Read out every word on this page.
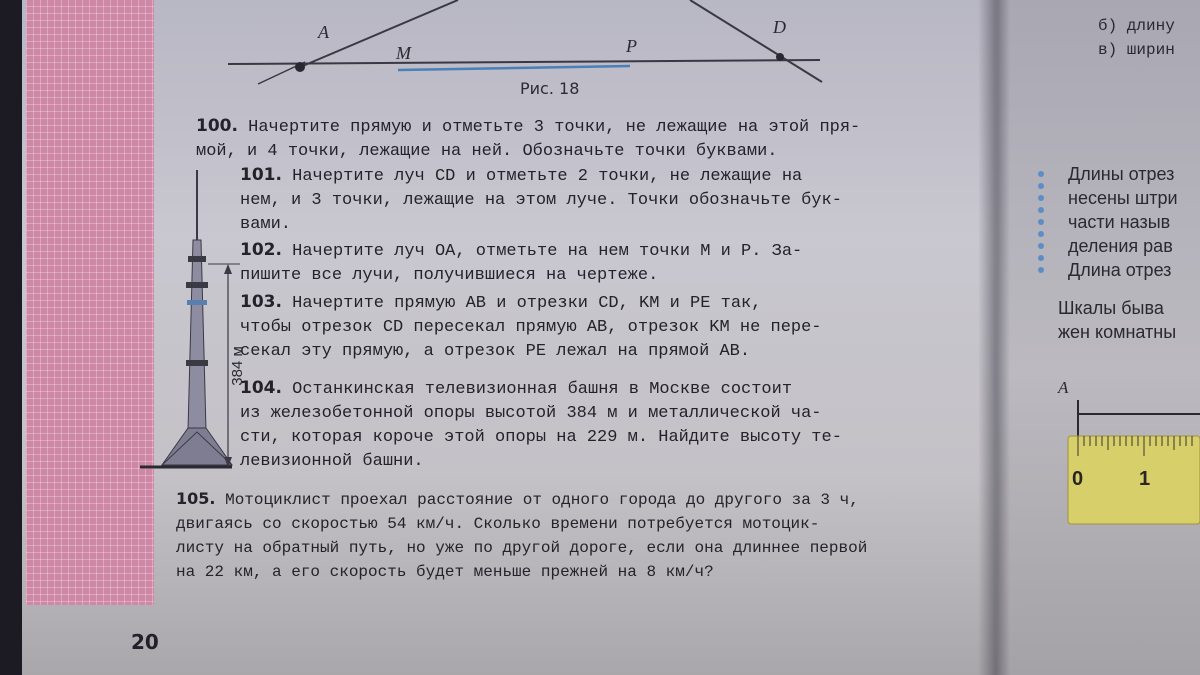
A
M	P
D
Рис. 18

100. Начертите прямую и отметьте 3 точки, не лежащие на этой пря-
мой, и 4 точки, лежащие на ней. Обозначьте точки буквами.

101. Начертите луч CD и отметьте 2 точки, не лежащие на
нем, и 3 точки, лежащие на этом луче. Точки обозначьте бук-
вами.

102. Начертите луч OA, отметьте на нем точки M и P. За-
пишите все лучи, получившиеся на чертеже.

103. Начертите прямую AB и отрезки CD, KM и PE так,
чтобы отрезок CD пересекал прямую AB, отрезок KM не пере-
секал эту прямую, а отрезок PE лежал на прямой AB.

104. Останкинская телевизионная башня в Москве состоит
из железобетонной опоры высотой 384 м и металлической ча-
сти, которая короче этой опоры на 229 м. Найдите высоту те-
левизионной башни.

105. Мотоциклист проехал расстояние от одного города до другого за 3 ч,
двигаясь со скоростью 54 км/ч. Сколько времени потребуется мотоцик-
листу на обратный путь, но уже по другой дороге, если она длиннее первой
на 22 км, а его скорость будет меньше прежней на 8 км/ч?

384 м
20

б) длину
в) ширин

Длины отрез
несены штри
части назыв
деления рав
Длина отрез

Шкалы быва
жен комнатны

A
0	1
